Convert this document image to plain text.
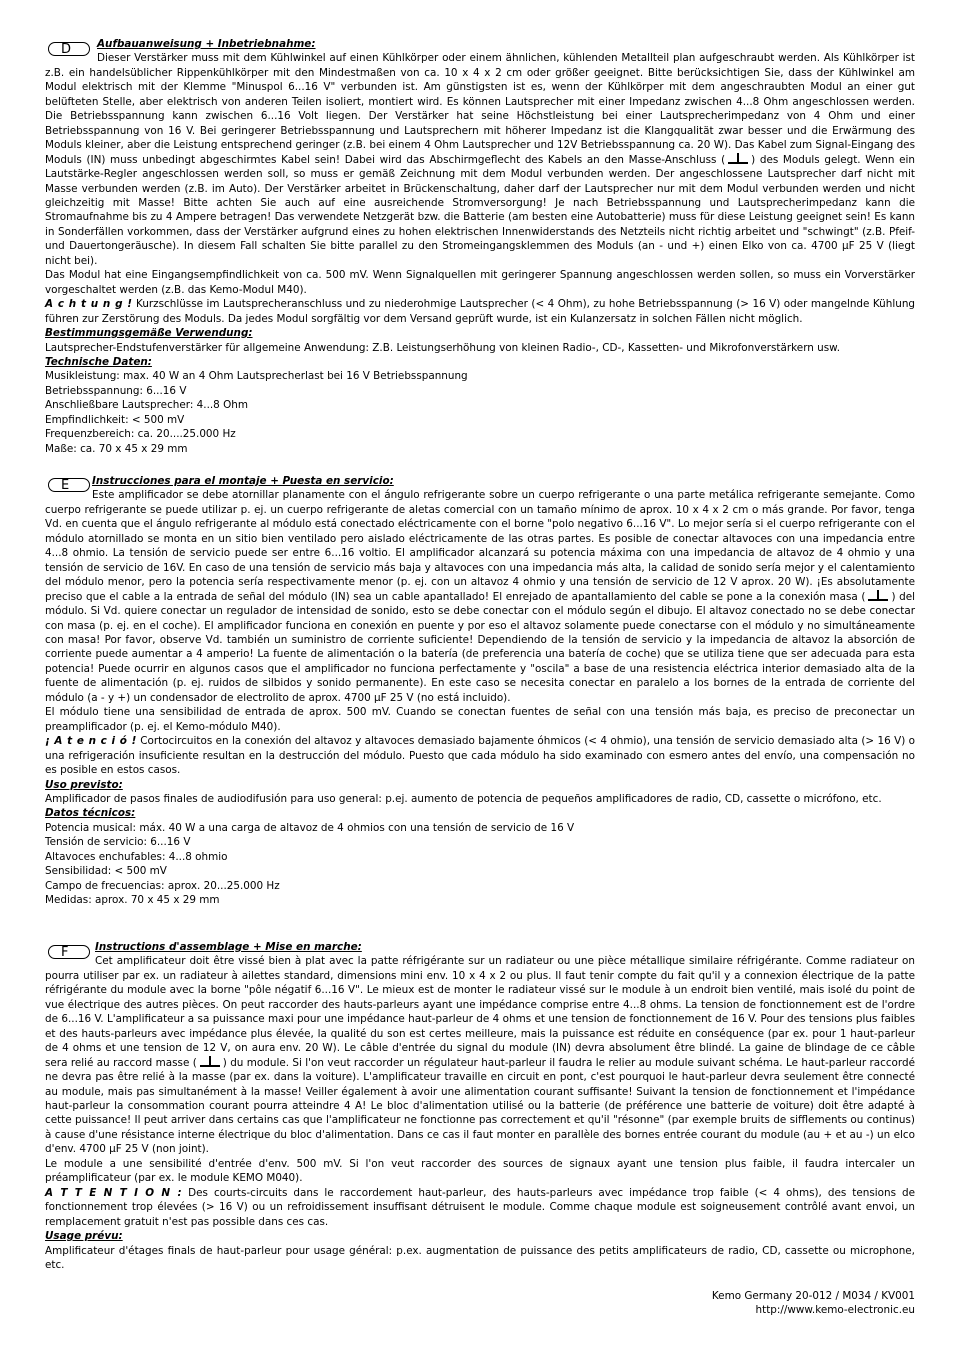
D	Aufbauanweisung + Inbetriebnahme:
Dieser Verstärker muss mit dem Kühlwinkel auf einen Kühlkörper oder einem ähnlichen, kühlenden Metallteil plan aufgeschraubt werden. Als Kühlkörper ist z.B. ein handelsüblicher Rippenkühlkörper mit den Mindestmaßen von ca. 10 x 4 x 2 cm oder größer geeignet. Bitte berücksichtigen Sie, dass der Kühlwinkel am Modul elektrisch mit der Klemme "Minuspol 6...16 V" verbunden ist. Am günstigsten ist es, wenn der Kühlkörper mit dem angeschraubten Modul an einer gut belüfteten Stelle, aber elektrisch von anderen Teilen isoliert, montiert wird. Es können Lautsprecher mit einer Impedanz zwischen 4...8 Ohm angeschlossen werden. Die Betriebsspannung kann zwischen 6...16 Volt liegen. Der Verstärker hat seine Höchstleistung bei einer Lautsprecherimpedanz von 4 Ohm und einer Betriebsspannung von 16 V. Bei geringerer Betriebsspannung und Lautsprechern mit höherer Impedanz ist die Klangqualität zwar besser und die Erwärmung des Moduls kleiner, aber die Leistung entsprechend geringer (z.B. bei einem 4 Ohm Lautsprecher und 12V Betriebsspannung ca. 20 W). Das Kabel zum Signal-Eingang des Moduls (IN) muss unbedingt abgeschirmtes Kabel sein! Dabei wird das Abschirmgeflecht des Kabels an den Masse-Anschluss (	) des Moduls gelegt. Wenn ein Lautstärke-Regler angeschlossen werden soll, so muss er gemäß Zeichnung mit dem Modul verbunden werden. Der angeschlossene Lautsprecher darf nicht mit Masse verbunden werden (z.B. im Auto). Der Verstärker arbeitet in Brückenschaltung, daher darf der Lautsprecher nur mit dem Modul verbunden werden und nicht gleichzeitig mit Masse! Bitte achten Sie auch auf eine ausreichende Stromversorgung! Je nach Betriebsspannung und Lautsprecherimpedanz kann die Stromaufnahme bis zu 4 Ampere betragen! Das verwendete Netzgerät bzw. die Batterie (am besten eine Autobatterie) muss für diese Leistung geeignet sein! Es kann in Sonderfällen vorkommen, dass der Verstärker aufgrund eines zu hohen elektrischen Innenwiderstands des Netzteils nicht richtig arbeitet und "schwingt" (z.B. Pfeif- und Dauertongeräusche). In diesem Fall schalten Sie bitte parallel zu den Stromeingangsklemmen des Moduls (an - und +) einen Elko von ca. 4700 µF 25 V (liegt nicht bei).
Das Modul hat eine Eingangsempfindlichkeit von ca. 500 mV. Wenn Signalquellen mit geringerer Spannung angeschlossen werden sollen, so muss ein Vorverstärker vorgeschaltet werden (z.B. das Kemo-Modul M40).
A c h t u n g ! Kurzschlüsse im Lautsprecheranschluss und zu niederohmige Lautsprecher (< 4 Ohm), zu hohe Betriebsspannung (> 16 V) oder mangelnde Kühlung führen zur Zerstörung des Moduls. Da jedes Modul sorgfältig vor dem Versand geprüft wurde, ist ein Kulanzersatz in solchen Fällen nicht möglich.
Bestimmungsgemäße Verwendung:
Lautsprecher-Endstufenverstärker für allgemeine Anwendung: Z.B. Leistungserhöhung von kleinen Radio-, CD-, Kassetten- und Mikrofonverstärkern usw.
Technische Daten:
Musikleistung: max. 40 W an 4 Ohm Lautsprecherlast bei 16 V Betriebsspannung
Betriebsspannung: 6...16 V
Anschließbare Lautsprecher: 4...8 Ohm
Empfindlichkeit: < 500 mV
Frequenzbereich: ca. 20....25.000 Hz
Maße: ca. 70 x 45 x 29 mm
E	Instrucciones para el montaje + Puesta en servicio:
Este amplificador se debe atornillar planamente con el ángulo refrigerante sobre un cuerpo refrigerante o una parte metálica refrigerante semejante. Como cuerpo refrigerante se puede utilizar p. ej. un cuerpo refrigerante de aletas comercial con un tamaño mínimo de aprox. 10 x 4 x 2 cm o más grande. Por favor, tenga Vd. en cuenta que el ángulo refrigerante al módulo está conectado eléctricamente con el borne "polo negativo 6...16 V". Lo mejor sería si el cuerpo refrigerante con el módulo atornillado se monta en un sitio bien ventilado pero aislado eléctricamente de las otras partes. Es posible de conectar altavoces con una impedancia entre 4...8 ohmio. La tensión de servicio puede ser entre 6...16 voltio. El amplificador alcanzará su potencia máxima con una impedancia de altavoz de 4 ohmio y una tensión de servicio de 16V. En caso de una tensión de servicio más baja y altavoces con una impedancia más alta, la calidad de sonido sería mejor y el calentamiento del módulo menor, pero la potencia sería respectivamente menor (p. ej. con un altavoz 4 ohmio y una tensión de servicio de 12 V aprox. 20 W). ¡Es absolutamente preciso que el cable a la entrada de señal del módulo (IN) sea un cable apantallado! El enrejado de apantallamiento del cable se pone a la conexión masa (	) del módulo. Si Vd. quiere conectar un regulador de intensidad de sonido, esto se debe conectar con el módulo según el dibujo. El altavoz conectado no se debe conectar con masa (p. ej. en el coche). El amplificador funciona en conexión en puente y por eso el altavoz solamente puede conectarse con el módulo y no simultáneamente con masa! Por favor, observe Vd. también un suministro de corriente suficiente! Dependiendo de la tensión de servicio y la impedancia de altavoz la absorción de corriente puede aumentar a 4 amperio! La fuente de alimentación o la batería (de preferencia una batería de coche) que se utiliza tiene que ser adecuada para esta potencia! Puede ocurrir en algunos casos que el amplificador no funciona perfectamente y "oscila" a base de una resistencia eléctrica interior demasiado alta de la fuente de alimentación (p. ej. ruidos de silbidos y sonido permanente). En este caso se necesita conectar en paralelo a los bornes de la entrada de corriente del módulo (a - y +) un condensador de electrolito de aprox. 4700 µF 25 V (no está incluido).
El módulo tiene una sensibilidad de entrada de aprox. 500 mV. Cuando se conectan fuentes de señal con una tensión más baja, es preciso de preconectar un preamplificador (p. ej. el Kemo-módulo M40).
¡ A t e n c i ó ! Cortocircuitos en la conexión del altavoz y altavoces demasiado bajamente óhmicos (< 4 ohmio), una tensión de servicio demasiado alta (> 16 V) o una refrigeración insuficiente resultan en la destrucción del módulo. Puesto que cada módulo ha sido examinado con esmero antes del envío, una compensación no es posible en estos casos.
Uso previsto:
Amplificador de pasos finales de audiodifusión para uso general: p.ej. aumento de potencia de pequeños amplificadores de radio, CD, cassette o micrófono, etc.
Datos técnicos:
Potencia musical: máx. 40 W a una carga de altavoz de 4 ohmios con una tensión de servicio de 16 V
Tensión de servicio: 6...16 V
Altavoces enchufables: 4...8 ohmio
Sensibilidad: < 500 mV
Campo de frecuencias: aprox. 20...25.000 Hz
Medidas: aprox. 70 x 45 x 29 mm
F	Instructions d'assemblage + Mise en marche:
Cet amplificateur doit être vissé bien à plat avec la patte réfrigérante sur un radiateur ou une pièce métallique similaire réfrigérante. Comme radiateur on pourra utiliser par ex. un radiateur à ailettes standard, dimensions mini env. 10 x 4 x 2 ou plus. Il faut tenir compte du fait qu'il y a connexion électrique de la patte réfrigérante du module avec la borne "pôle négatif 6...16 V". Le mieux est de monter le radiateur vissé sur le module à un endroit bien ventilé, mais isolé du point de vue électrique des autres pièces. On peut raccorder des hauts-parleurs ayant une impédance comprise entre 4...8 ohms. La tension de fonctionnement est de l'ordre de 6...16 V. L'amplificateur a sa puissance maxi pour une impédance haut-parleur de 4 ohms et une tension de fonctionnement de 16 V. Pour des tensions plus faibles et des hauts-parleurs avec impédance plus élevée, la qualité du son est certes meilleure, mais la puissance est réduite en conséquence (par ex. pour 1 haut-parleur de 4 ohms et une tension de 12 V, on aura env. 20 W). Le câble d'entrée du signal du module (IN) devra absolument être blindé. La gaine de blindage de ce câble sera relié au raccord masse (	) du module. Si l'on veut raccorder un régulateur haut-parleur il faudra le relier au module suivant schéma. Le haut-parleur raccordé ne devra pas être relié à la masse (par ex. dans la voiture). L'amplificateur travaille en circuit en pont, c'est pourquoi le haut-parleur devra seulement être connecté au module, mais pas simultanément à la masse! Veiller également à avoir une alimentation courant suffisante! Suivant la tension de fonctionnement et l'impédance haut-parleur la consommation courant pourra atteindre 4 A! Le bloc d'alimentation utilisé ou la batterie (de préférence une batterie de voiture) doit être adapté à cette puissance! Il peut arriver dans certains cas que l'amplificateur ne fonctionne pas correctement et qu'il "résonne" (par exemple bruits de sifflements ou continus) à cause d'une résistance interne électrique du bloc d'alimentation. Dans ce cas il faut monter en parallèle des bornes entrée courant du module (au + et au -) un elco d'env. 4700 µF 25 V (non joint).
Le module a une sensibilité d'entrée d'env. 500 mV. Si l'on veut raccorder des sources de signaux ayant une tension plus faible, il faudra intercaler un préamplificateur (par ex. le module KEMO M040).
A T T E N T I O N : Des courts-circuits dans le raccordement haut-parleur, des hauts-parleurs avec impédance trop faible (< 4 ohms), des tensions de fonctionnement trop élevées (> 16 V) ou un refroidissement insuffisant détruisent le module. Comme chaque module est soigneusement contrôlé avant envoi, un remplacement gratuit n'est pas possible dans ces cas.
Usage prévu:
Amplificateur d'étages finals de haut-parleur pour usage général: p.ex. augmentation de puissance des petits amplificateurs de radio, CD, cassette ou microphone, etc.
Kemo Germany 20-012 / M034 / KV001
http://www.kemo-electronic.eu
